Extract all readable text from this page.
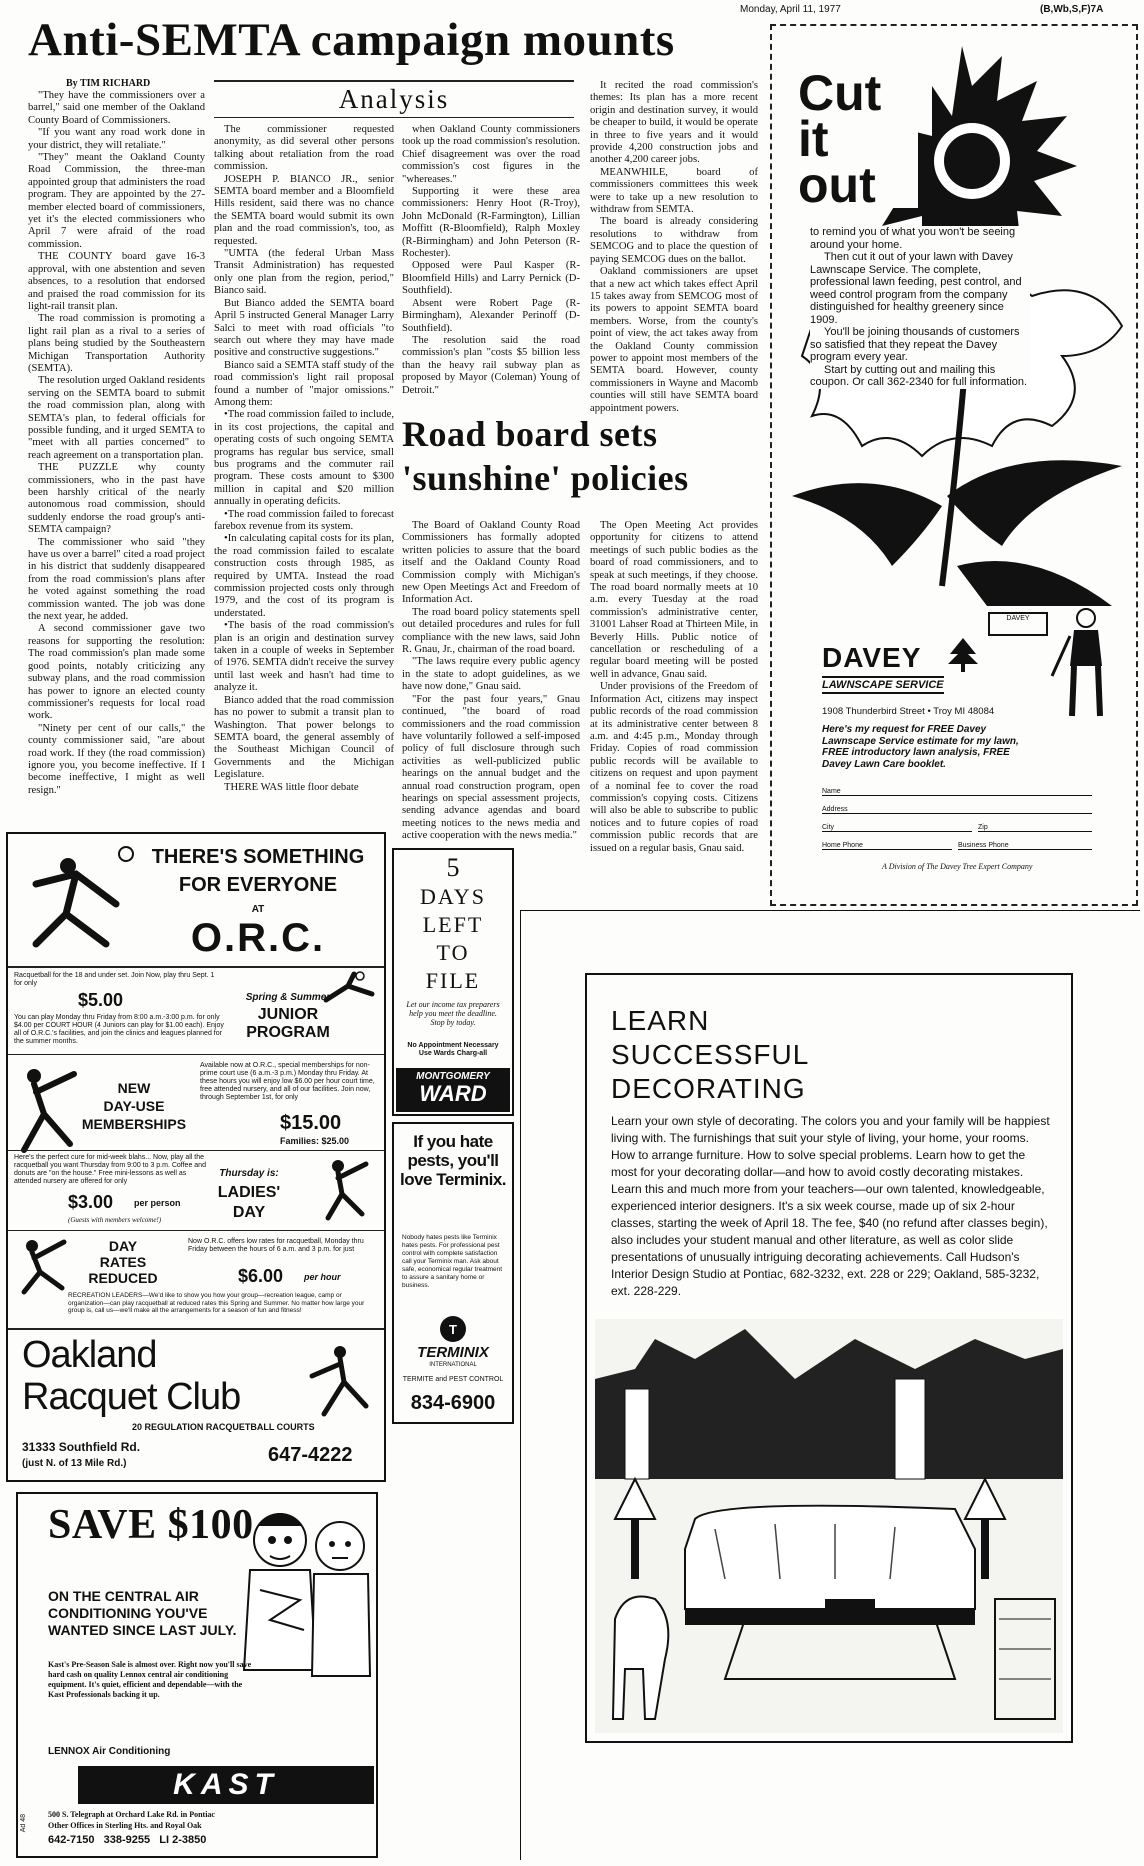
Monday, April 11, 1977	(B,Wb,S,F)7A
Anti-SEMTA campaign mounts
By TIM RICHARD
Analysis

"They have the commissioners over a barrel," said one member of the Oakland County Board of Commissioners.

"If you want any road work done in your district, they will retaliate."

"They" meant the Oakland County Road Commission, the three-man appointed group that administers the road program. They are appointed by the 27-member elected board of commissioners, yet it's the elected commissioners who April 7 were afraid of the road commission.

THE COUNTY board gave 16-3 approval, with one abstention and seven absences, to a resolution that endorsed and praised the road commission for its light-rail transit plan.

The road commission is promoting a light rail plan as a rival to a series of plans being studied by the Southeastern Michigan Transportation Authority (SEMTA).

The resolution urged Oakland residents serving on the SEMTA board to submit the road commission plan, along with SEMTA's plan, to federal officials for possible funding, and it urged SEMTA to "meet with all parties concerned" to reach agreement on a transportation plan.

THE PUZZLE why county commissioners, who in the past have been harshly critical of the nearly autonomous road commission, should suddenly endorse the road group's anti-SEMTA campaign?

The commissioner who said "they have us over a barrel" cited a road project in his district that suddenly disappeared from the road commission's plans after he voted against something the road commission wanted. The job was done the next year, he added.

A second commissioner gave two reasons for supporting the resolution: The road commission's plan made some good points, notably criticizing any subway plans, and the road commission has power to ignore an elected county commissioner's requests for local road work.

"Ninety per cent of our calls," the county commissioner said, "are about road work. If they (the road commission) ignore you, you become ineffective. If I become ineffective, I might as well resign."

The commissioner requested anonymity, as did several other persons talking about retaliation from the road commission.

JOSEPH P. BIANCO JR., senior SEMTA board member and a Bloomfield Hills resident, said there was no chance the SEMTA board would submit its own plan and the road commission's, too, as requested.

"UMTA (the federal Urban Mass Transit Administration) has requested only one plan from the region, period," Bianco said.

But Bianco added the SEMTA board April 5 instructed General Manager Larry Salci to meet with road officials "to search out where they may have made positive and constructive suggestions."

Bianco said a SEMTA staff study of the road commission's light rail proposal found a number of "major omissions." Among them:

•The road commission failed to include, in its cost projections, the capital and operating costs of such ongoing SEMTA programs has regular bus service, small bus programs and the commuter rail program. These costs amount to $300 million in capital and $20 million annually in operating deficits.

•The road commission failed to forecast farebox revenue from its system.

•In calculating capital costs for its plan, the road commission failed to escalate construction costs through 1985, as required by UMTA. Instead the road commission projected costs only through 1979, and the cost of its program is understated.

•The basis of the road commission's plan is an origin and destination survey taken in a couple of weeks in September of 1976. SEMTA didn't receive the survey until last week and hasn't had time to analyze it.

Bianco added that the road commission has no power to submit a transit plan to Washington. That power belongs to SEMTA board, the general assembly of the Southeast Michigan Council of Governments and the Michigan Legislature.

THERE WAS little floor debate

when Oakland County commissioners took up the road commission's resolution. Chief disagreement was over the road commission's cost figures in the "whereases."

Supporting it were these area commissioners: Henry Hoot (R-Troy), John McDonald (R-Farmington), Lillian Moffitt (R-Bloomfield), Ralph Moxley (R-Birmingham) and John Peterson (R-Rochester).

Opposed were Paul Kasper (R-Bloomfield Hills) and Larry Pernick (D-Southfield).

Absent were Robert Page (R-Birmingham), Alexander Perinoff (D-Southfield).

The resolution said the road commission's plan "costs $5 billion less than the heavy rail subway plan as proposed by Mayor (Coleman) Young of Detroit."

It recited the road commission's themes: Its plan has a more recent origin and destination survey, it would be cheaper to build, it would be operate in three to five years and it would provide 4,200 construction jobs and another 4,200 career jobs.

MEANWHILE, board of commissioners committees this week were to take up a new resolution to withdraw from SEMTA.

The board is already considering resolutions to withdraw from SEMCOG and to place the question of paying SEMCOG dues on the ballot.

Oakland commissioners are upset that a new act which takes effect April 15 takes away from SEMCOG most of its powers to appoint SEMTA board members. Worse, from the county's point of view, the act takes away from the Oakland County commission power to appoint most members of the SEMTA board. However, county commissioners in Wayne and Macomb counties will still have SEMTA board appointment powers.

Road board sets
'sunshine' policies

The Board of Oakland County Road Commissioners has formally adopted written policies to assure that the board itself and the Oakland County Road Commission comply with Michigan's new Open Meetings Act and Freedom of Information Act.

The road board policy statements spell out detailed procedures and rules for full compliance with the new laws, said John R. Gnau, Jr., chairman of the road board.

"The laws require every public agency in the state to adopt guidelines, as we have now done," Gnau said.

"For the past four years," Gnau continued, "the board of road commissioners and the road commission have voluntarily followed a self-imposed policy of full disclosure through such activities as well-publicized public hearings on the annual budget and the annual road construction program, open hearings on special assessment projects, sending advance agendas and board meeting notices to the news media and active cooperation with the news media."

The Open Meeting Act provides opportunity for citizens to attend meetings of such public bodies as the board of road commissioners, and to speak at such meetings, if they choose. The road board normally meets at 10 a.m. every Tuesday at the road commission's administrative center, 31001 Lahser Road at Thirteen Mile, in Beverly Hills. Public notice of cancellation or rescheduling of a regular board meeting will be posted well in advance, Gnau said.

Under provisions of the Freedom of Information Act, citizens may inspect public records of the road commission at its administrative center between 8 a.m. and 4:45 p.m., Monday through Friday. Copies of road commission public records will be available to citizens on request and upon payment of a nominal fee to cover the road commission's copying costs. Citizens will also be able to subscribe to public notices and to future copies of road commission public records that are issued on a regular basis, Gnau said.

Cut it out
to remind you of what you won't be seeing around your home.
Then cut it out of your lawn with Davey Lawnscape Service. The complete, professional lawn feeding, pest control, and weed control program from the company distinguished for healthy greenery since 1909.
You'll be joining thousands of customers so satisfied that they repeat the Davey program every year.
Start by cutting out and mailing this coupon. Or call 362-2340 for full information.
DAVEY
DAVEY
LAWNSCAPE SERVICE
1908 Thunderbird Street • Troy MI 48084
Here's my request for FREE Davey Lawnscape Service estimate for my lawn, FREE introductory lawn analysis, FREE Davey Lawn Care booklet.
Name
Address
City	Zip
Home Phone	Business Phone
A Division of The Davey Tree Expert Company
THERE'S SOMETHING
FOR EVERYONE
AT
O.R.C.
Racquetball for the 18 and under set. Join Now, play thru Sept. 1 for only
$5.00
You can play Monday thru Friday from 8:00 a.m.-3:00 p.m. for only $4.00 per COURT HOUR (4 Juniors can play for $1.00 each). Enjoy all of O.R.C.'s facilities, and join the clinics and leagues planned for the summer months.
Spring & Summer
JUNIOR
PROGRAM
NEW
DAY-USE
MEMBERSHIPS
Available now at O.R.C., special memberships for non-prime court use (6 a.m.-3 p.m.) Monday thru Friday. At these hours you will enjoy low $6.00 per hour court time, free attended nursery, and all of our facilities. Join now, through September 1st, for only
$15.00
Families: $25.00
Here's the perfect cure for mid-week blahs... Now, play all the racquetball you want Thursday from 9:00 to 3 p.m. Coffee and donuts are "on the house." Free mini-lessons as well as attended nursery are offered for only
$3.00 per person
(Guests with members welcome!)
Thursday is:
LADIES'
DAY
DAY
RATES
REDUCED
Now O.R.C. offers low rates for racquetball, Monday thru Friday between the hours of 6 a.m. and 3 p.m. for just
$6.00 per hour
RECREATION LEADERS—We'd like to show you how your group—recreation league, camp or organization—can play racquetball at reduced rates this Spring and Summer. No matter how large your group is, call us—we'll make all the arrangements for a season of fun and fitness!
Oakland
Racquet Club
20 REGULATION RACQUETBALL COURTS
31333 Southfield Rd.
(just N. of 13 Mile Rd.)	647-4222
5
DAYS
LEFT
TO
FILE
Let our income tax preparers help you meet the deadline. Stop by today.
No Appointment Necessary Use Wards Charg-all
MONTGOMERY
WARD
If you hate pests, you'll love Terminix.
Nobody hates pests like Terminix hates pests. For professional pest control with complete satisfaction call your Terminix man. Ask about safe, economical regular treatment to assure a sanitary home or business.
T
TERMINIX
INTERNATIONAL
TERMITE and PEST CONTROL
834-6900
LEARN
SUCCESSFUL
DECORATING
Learn your own style of decorating. The colors you and your family will be happiest living with. The furnishings that suit your style of living, your home, your rooms. How to arrange furniture. How to solve special problems. Learn how to get the most for your decorating dollar—and how to avoid costly decorating mistakes. Learn this and much more from your teachers—our own talented, knowledgeable, experienced interior designers. It's a six week course, made up of six 2-hour classes, starting the week of April 18. The fee, $40 (no refund after classes begin), also includes your student manual and other literature, as well as color slide presentations of unusually intriguing decorating achievements. Call Hudson's Interior Design Studio at Pontiac, 682-3232, ext. 228 or 229; Oakland, 585-3232, ext. 228-229.
SAVE $100
ON THE CENTRAL AIR CONDITIONING YOU'VE WANTED SINCE LAST JULY.
Kast's Pre-Season Sale is almost over. Right now you'll save hard cash on quality Lennox central air conditioning equipment. It's quiet, efficient and dependable—with the Kast Professionals backing it up.
LENNOX Air Conditioning
KAST
500 S. Telegraph at Orchard Lake Rd. in Pontiac
Other Offices in Sterling Hts. and Royal Oak
642-7150   338-9255   LI 2-3850
Ad 48
